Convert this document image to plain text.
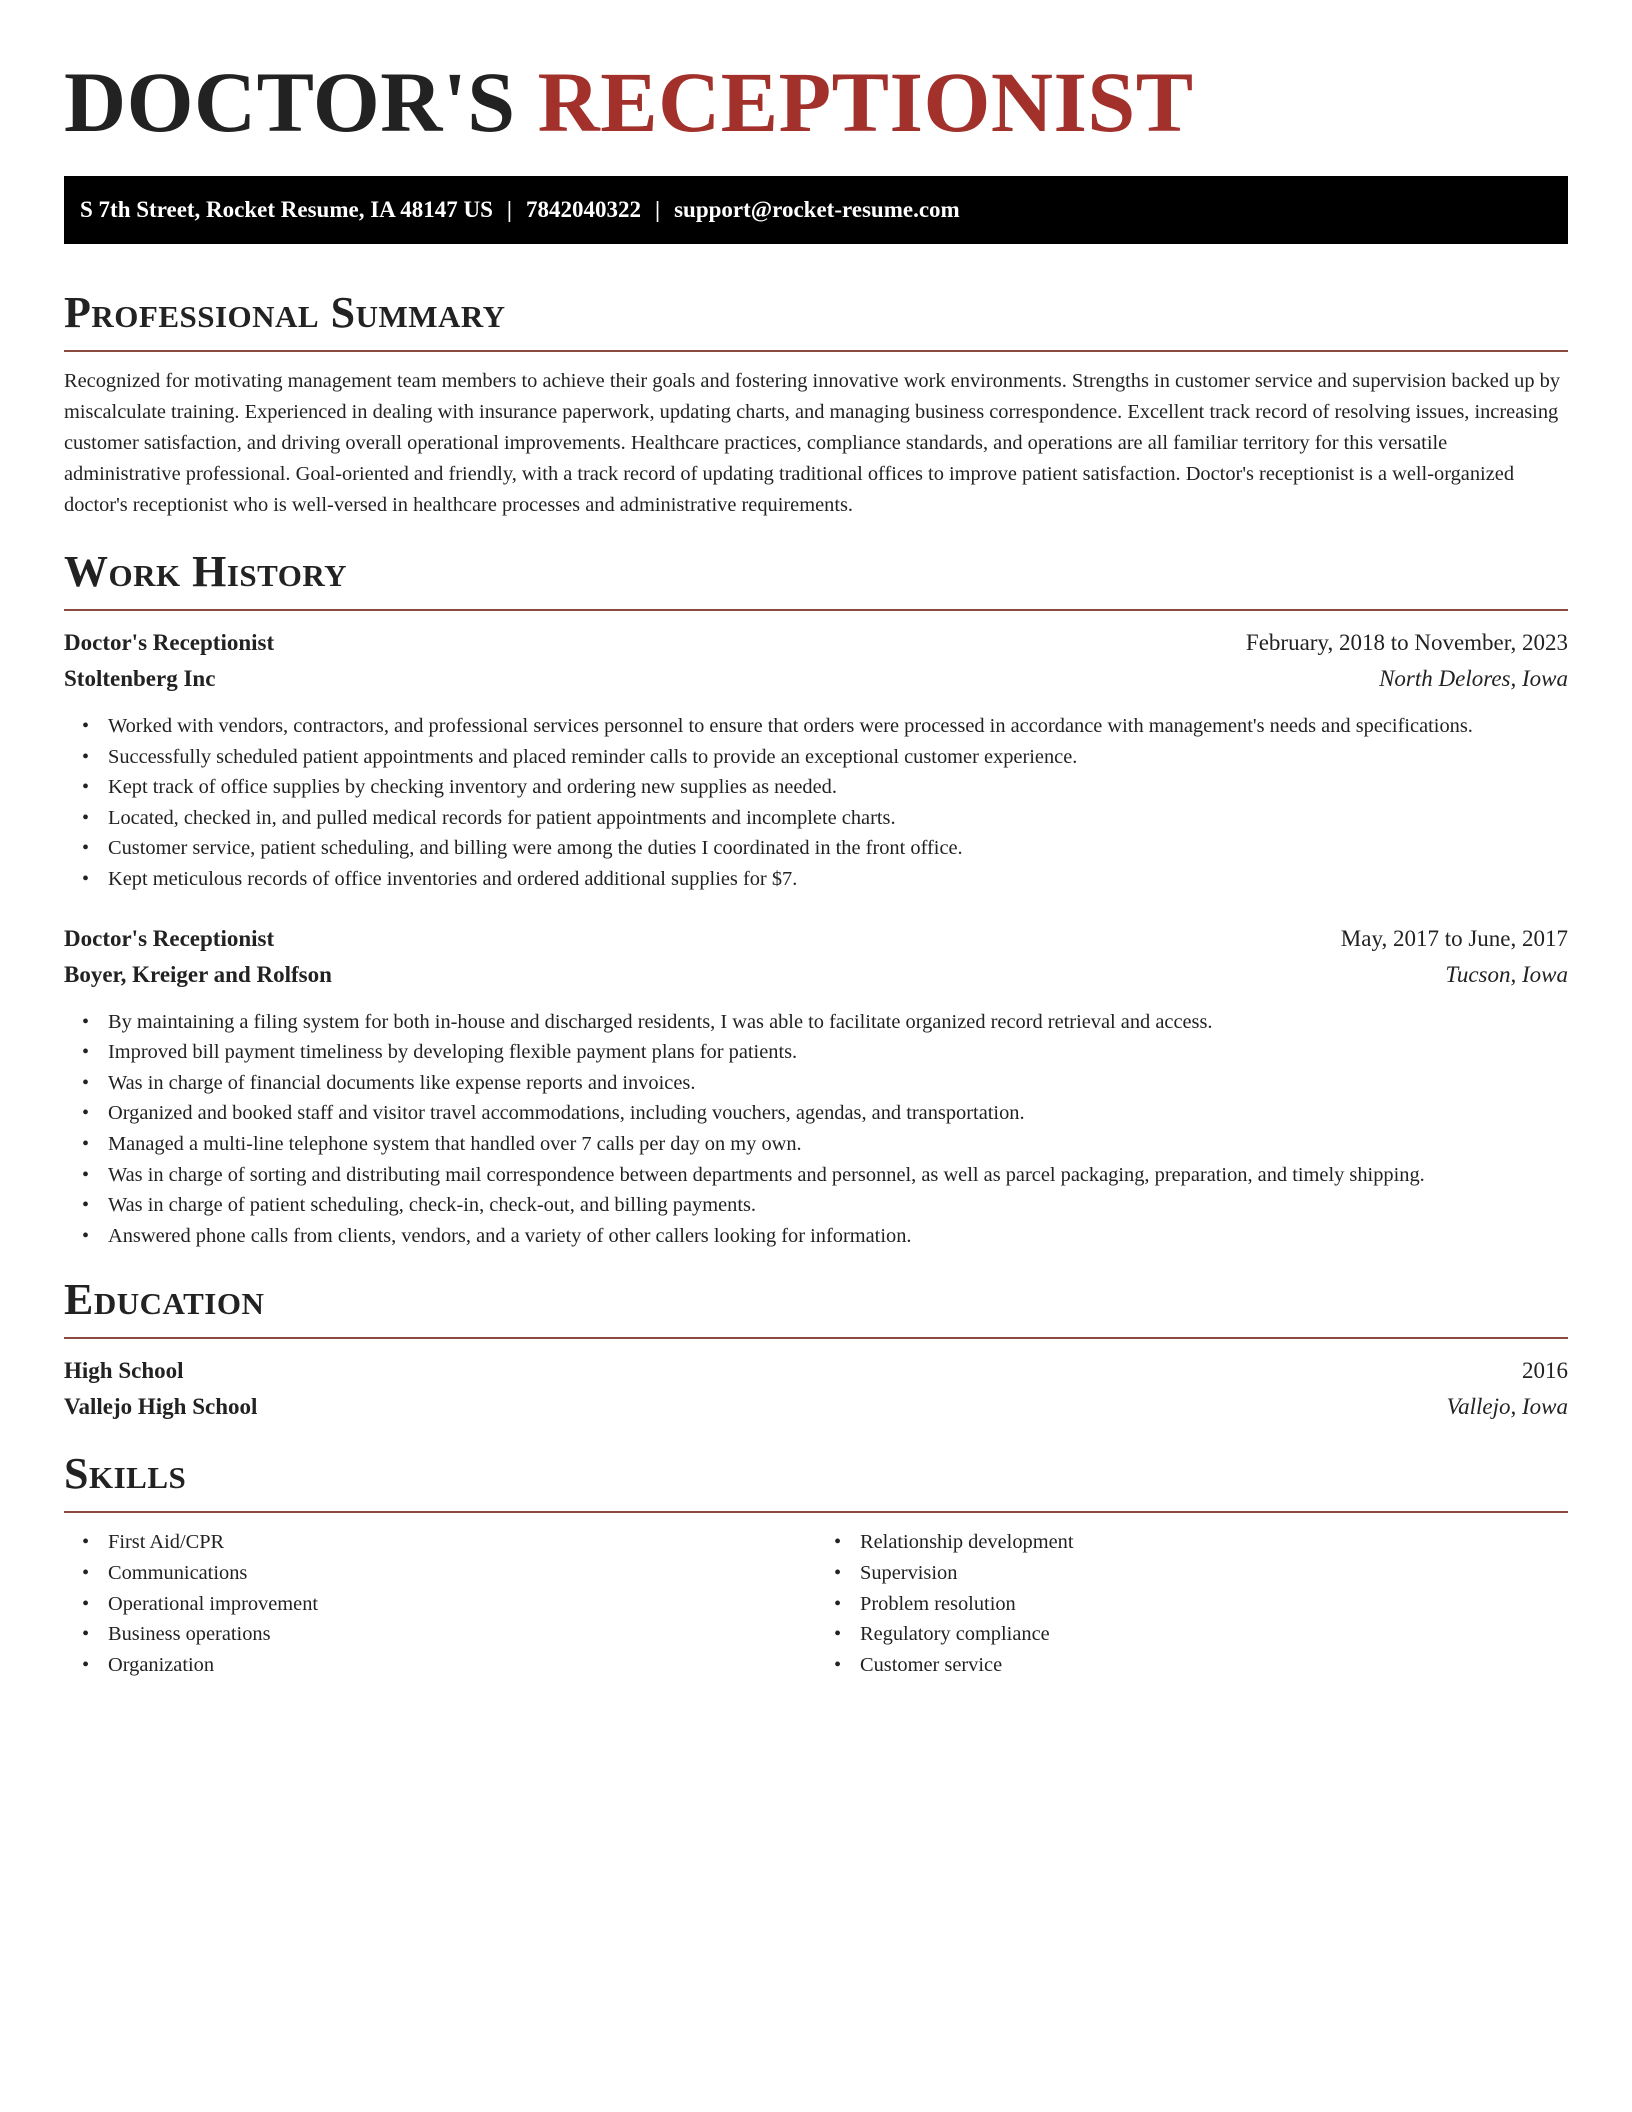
DOCTOR'S RECEPTIONIST
S 7th Street, Rocket Resume, IA 48147 US | 7842040322 | support@rocket-resume.com
Professional Summary

Recognized for motivating management team members to achieve their goals and fostering innovative work environments. Strengths in customer service and supervision backed up by miscalculate training. Experienced in dealing with insurance paperwork, updating charts, and managing business correspondence. Excellent track record of resolving issues, increasing customer satisfaction, and driving overall operational improvements. Healthcare practices, compliance standards, and operations are all familiar territory for this versatile administrative professional. Goal-oriented and friendly, with a track record of updating traditional offices to improve patient satisfaction. Doctor's receptionist is a well-organized doctor's receptionist who is well-versed in healthcare processes and administrative requirements.

Work History
Doctor's Receptionist	February, 2018 to November, 2023
Stoltenberg Inc	North Delores, Iowa
• Worked with vendors, contractors, and professional services personnel to ensure that orders were processed in accordance with management's needs and specifications.
• Successfully scheduled patient appointments and placed reminder calls to provide an exceptional customer experience.
• Kept track of office supplies by checking inventory and ordering new supplies as needed.
• Located, checked in, and pulled medical records for patient appointments and incomplete charts.
• Customer service, patient scheduling, and billing were among the duties I coordinated in the front office.
• Kept meticulous records of office inventories and ordered additional supplies for $7.
Doctor's Receptionist	May, 2017 to June, 2017
Boyer, Kreiger and Rolfson	Tucson, Iowa
• By maintaining a filing system for both in-house and discharged residents, I was able to facilitate organized record retrieval and access.
• Improved bill payment timeliness by developing flexible payment plans for patients.
• Was in charge of financial documents like expense reports and invoices.
• Organized and booked staff and visitor travel accommodations, including vouchers, agendas, and transportation.
• Managed a multi-line telephone system that handled over 7 calls per day on my own.
• Was in charge of sorting and distributing mail correspondence between departments and personnel, as well as parcel packaging, preparation, and timely shipping.
• Was in charge of patient scheduling, check-in, check-out, and billing payments.
• Answered phone calls from clients, vendors, and a variety of other callers looking for information.
Education
High School	2016
Vallejo High School	Vallejo, Iowa
Skills
• First Aid/CPR
• Communications
• Operational improvement
• Business operations
• Organization
• Relationship development
• Supervision
• Problem resolution
• Regulatory compliance
• Customer service
